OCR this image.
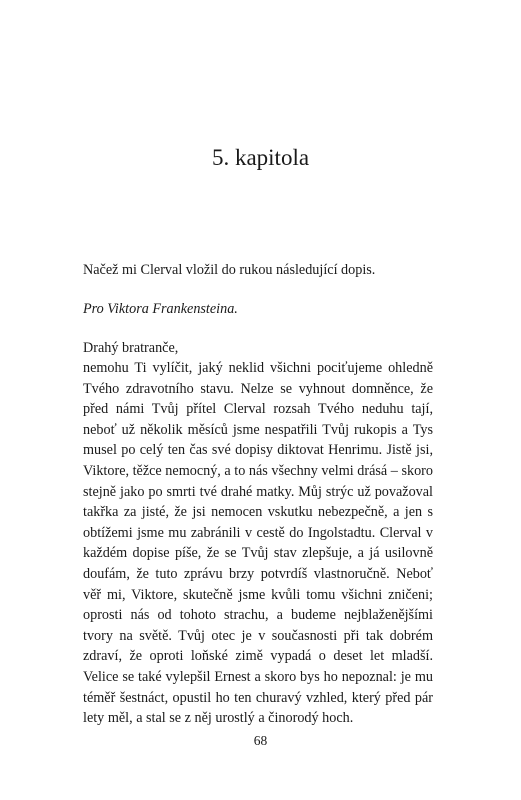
5. kapitola

Načež mi Clerval vložil do rukou následující dopis.

Pro Viktora Frankensteina.

Drahý bratranče,

nemohu Ti vylíčit, jaký neklid všichni pociťujeme ohledně Tvého zdravotního stavu. Nelze se vyhnout domněnce, že před námi Tvůj přítel Clerval rozsah Tvého neduhu tají, neboť už několik měsíců jsme nespatřili Tvůj rukopis a Tys musel po celý ten čas své dopisy diktovat Henrimu. Jistě jsi, Viktore, těžce nemocný, a to nás všechny velmi drásá – skoro stejně jako po smrti tvé drahé matky. Můj strýc už považoval takřka za jisté, že jsi nemocen vskutku nebezpečně, a jen s obtížemi jsme mu zabránili v cestě do Ingolstadtu. Clerval v každém dopise píše, že se Tvůj stav zlepšuje, a já usilovně doufám, že tuto zprávu brzy potvrdíš vlastnoručně. Neboť věř mi, Viktore, skutečně jsme kvůli tomu všichni zničeni; oprosti nás od tohoto strachu, a budeme nejblaženějšími tvory na světě. Tvůj otec je v současnosti při tak dobrém zdraví, že oproti loňské zimě vypadá o deset let mladší. Velice se také vylepšil Ernest a skoro bys ho nepoznal: je mu téměř šestnáct, opustil ho ten churavý vzhled, který před pár lety měl, a stal se z něj urostlý a činorodý hoch.

68
